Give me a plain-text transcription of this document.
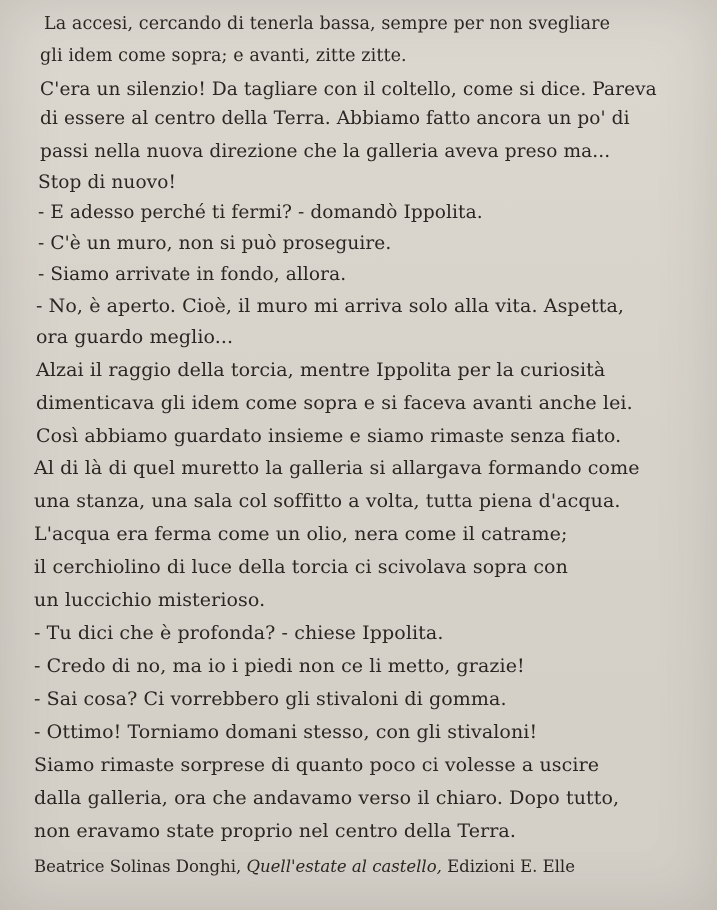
La accesi, cercando di tenerla bassa, sempre per non svegliare
gli idem come sopra; e avanti, zitte zitte.
C'era un silenzio! Da tagliare con il coltello, come si dice. Pareva
di essere al centro della Terra. Abbiamo fatto ancora un po' di
passi nella nuova direzione che la galleria aveva preso ma...
Stop di nuovo!
- E adesso perché ti fermi? - domandò Ippolita.
- C'è un muro, non si può proseguire.
- Siamo arrivate in fondo, allora.
- No, è aperto. Cioè, il muro mi arriva solo alla vita. Aspetta,
ora guardo meglio...
Alzai il raggio della torcia, mentre Ippolita per la curiosità
dimenticava gli idem come sopra e si faceva avanti anche lei.
Così abbiamo guardato insieme e siamo rimaste senza fiato.
Al di là di quel muretto la galleria si allargava formando come
una stanza, una sala col soffitto a volta, tutta piena d'acqua.
L'acqua era ferma come un olio, nera come il catrame;
il cerchiolino di luce della torcia ci scivolava sopra con
un luccichio misterioso.
- Tu dici che è profonda? - chiese Ippolita.
- Credo di no, ma io i piedi non ce li metto, grazie!
- Sai cosa? Ci vorrebbero gli stivaloni di gomma.
- Ottimo! Torniamo domani stesso, con gli stivaloni!
Siamo rimaste sorprese di quanto poco ci volesse a uscire
dalla galleria, ora che andavamo verso il chiaro. Dopo tutto,
non eravamo state proprio nel centro della Terra.
Beatrice Solinas Donghi, Quell'estate al castello, Edizioni E. Elle
